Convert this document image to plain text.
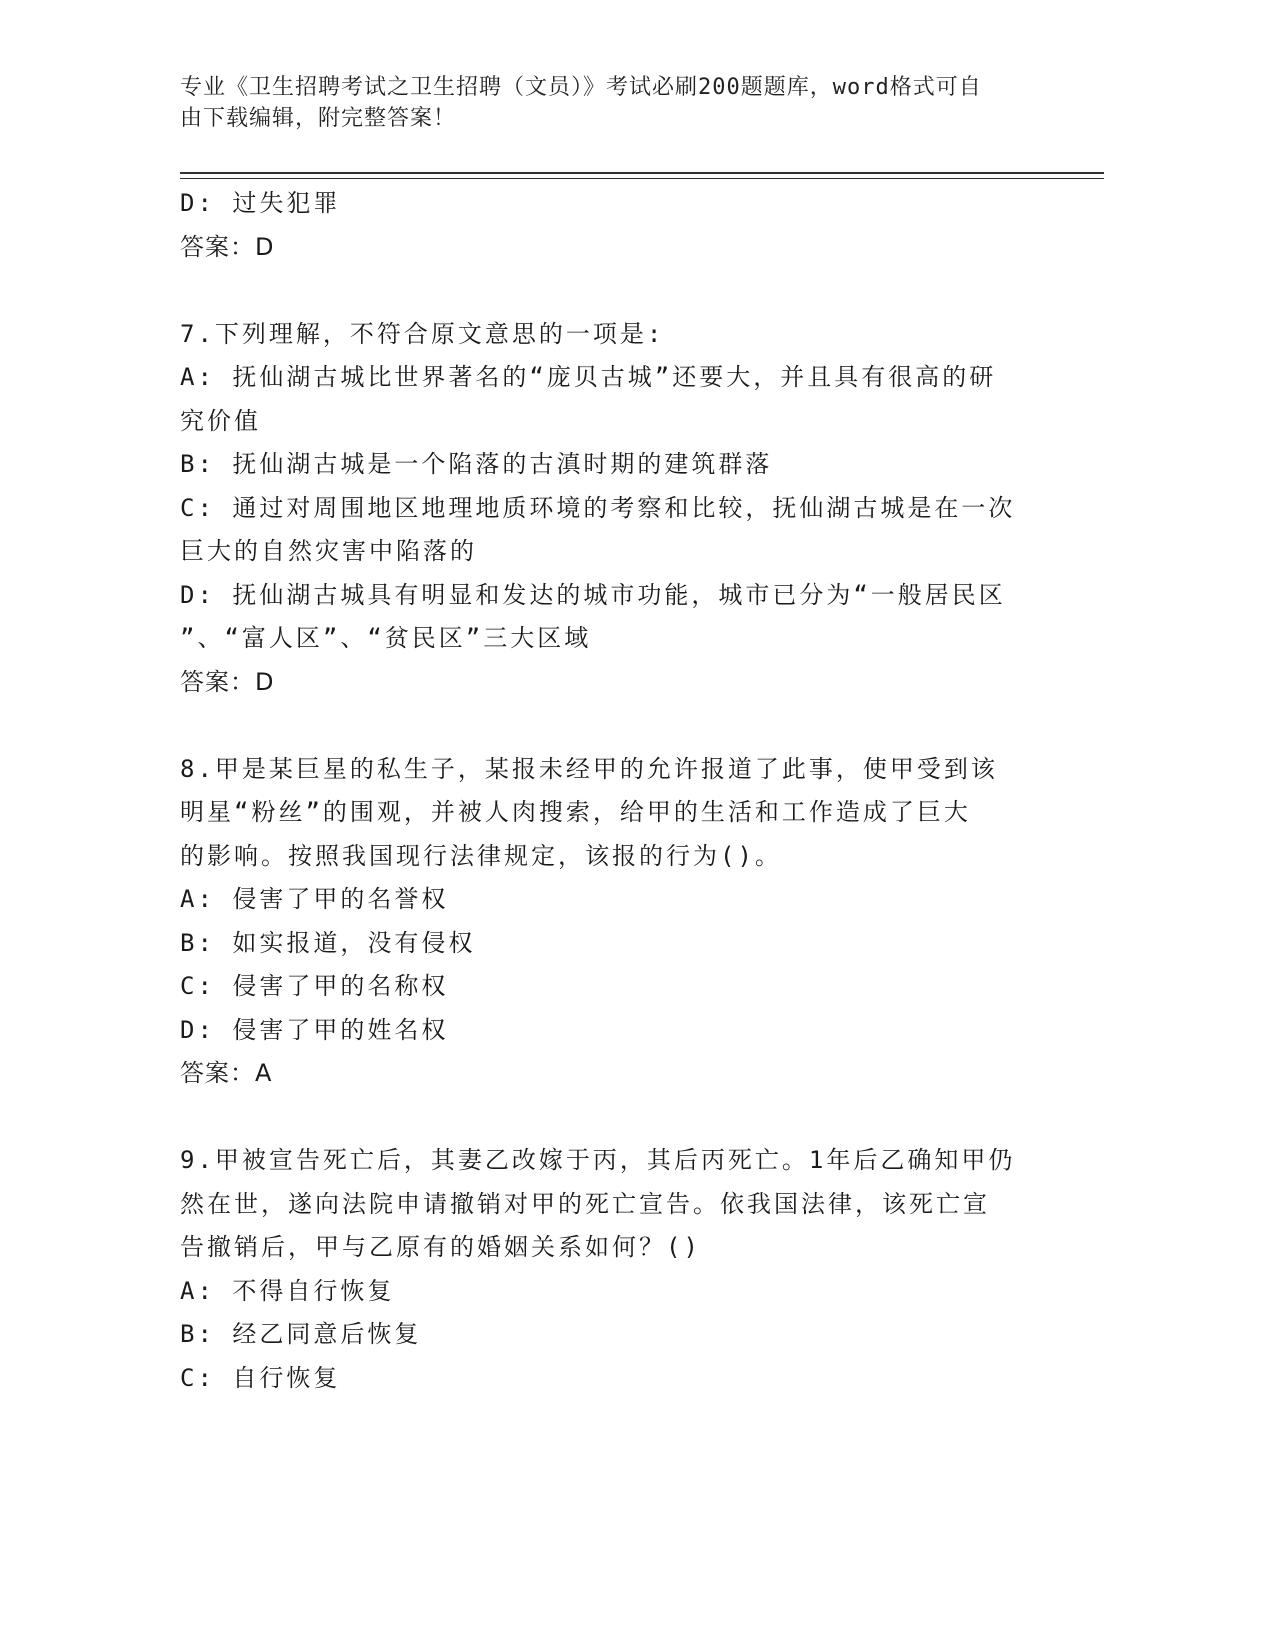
专业《卫生招聘考试之卫生招聘（文员）》考试必刷200题题库，word格式可自
由下载编辑，附完整答案！

D: 过失犯罪

答案：D

7.下列理解，不符合原文意思的一项是:

A: 抚仙湖古城比世界著名的“庞贝古城”还要大，并且具有很高的研

究价值

B: 抚仙湖古城是一个陷落的古滇时期的建筑群落

C: 通过对周围地区地理地质环境的考察和比较，抚仙湖古城是在一次

巨大的自然灾害中陷落的

D: 抚仙湖古城具有明显和发达的城市功能，城市已分为“一般居民区

”、“富人区”、“贫民区”三大区域

答案：D

8.甲是某巨星的私生子，某报未经甲的允许报道了此事，使甲受到该

明星“粉丝”的围观，并被人肉搜索，给甲的生活和工作造成了巨大

的影响。按照我国现行法律规定，该报的行为()。

A: 侵害了甲的名誉权

B: 如实报道，没有侵权

C: 侵害了甲的名称权

D: 侵害了甲的姓名权

答案：A

9.甲被宣告死亡后，其妻乙改嫁于丙，其后丙死亡。1年后乙确知甲仍

然在世，遂向法院申请撤销对甲的死亡宣告。依我国法律，该死亡宣

告撤销后，甲与乙原有的婚姻关系如何？()

A: 不得自行恢复

B: 经乙同意后恢复

C: 自行恢复
